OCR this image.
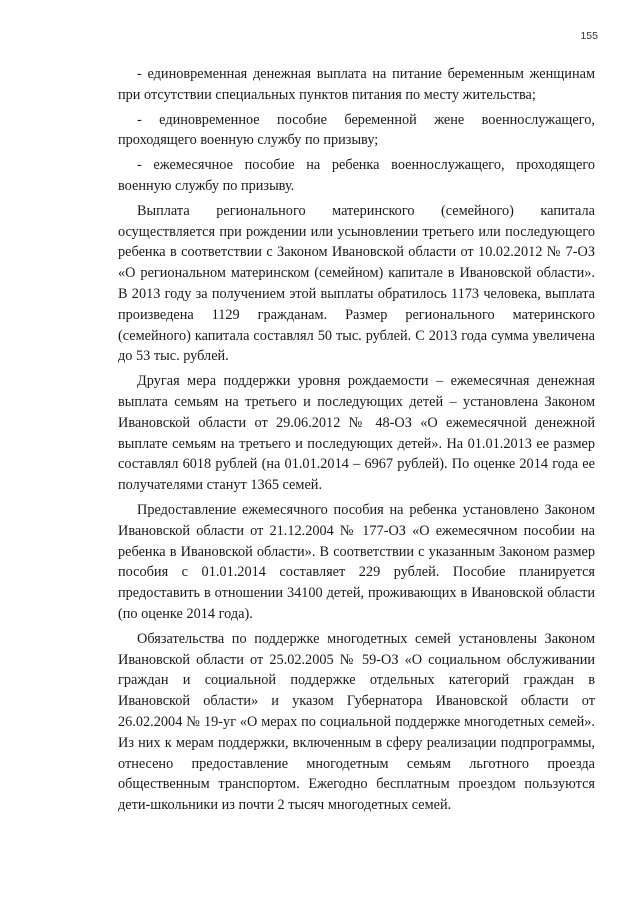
155

- единовременная денежная выплата на питание беременным женщинам при отсутствии специальных пунктов питания по месту жительства;

- единовременное пособие беременной жене военнослужащего, проходящего военную службу по призыву;

- ежемесячное пособие на ребенка военнослужащего, проходящего военную службу по призыву.

Выплата регионального материнского (семейного) капитала осуществляется при рождении или усыновлении третьего или последующего ребенка в соответствии с Законом Ивановской области от 10.02.2012 № 7-ОЗ «О региональном материнском (семейном) капитале в Ивановской области». В 2013 году за получением этой выплаты обратилось 1173 человека, выплата произведена 1129 гражданам. Размер регионального материнского (семейного) капитала составлял 50 тыс. рублей. С 2013 года сумма увеличена до 53 тыс. рублей.

Другая мера поддержки уровня рождаемости – ежемесячная денежная выплата семьям на третьего и последующих детей – установлена Законом Ивановской области от 29.06.2012 № 48-ОЗ «О ежемесячной денежной выплате семьям на третьего и последующих детей». На 01.01.2013 ее размер составлял 6018 рублей (на 01.01.2014 – 6967 рублей). По оценке 2014 года ее получателями станут 1365 семей.

Предоставление ежемесячного пособия на ребенка установлено Законом Ивановской области от 21.12.2004 № 177-ОЗ «О ежемесячном пособии на ребенка в Ивановской области». В соответствии с указанным Законом размер пособия с 01.01.2014 составляет 229 рублей. Пособие планируется предоставить в отношении 34100 детей, проживающих в Ивановской области (по оценке 2014 года).

Обязательства по поддержке многодетных семей установлены Законом Ивановской области от 25.02.2005 № 59-ОЗ «О социальном обслуживании граждан и социальной поддержке отдельных категорий граждан в Ивановской области» и указом Губернатора Ивановской области от 26.02.2004 № 19-уг «О мерах по социальной поддержке многодетных семей». Из них к мерам поддержки, включенным в сферу реализации подпрограммы, отнесено предоставление многодетным семьям льготного проезда общественным транспортом. Ежегодно бесплатным проездом пользуются дети-школьники из почти 2 тысяч многодетных семей.
